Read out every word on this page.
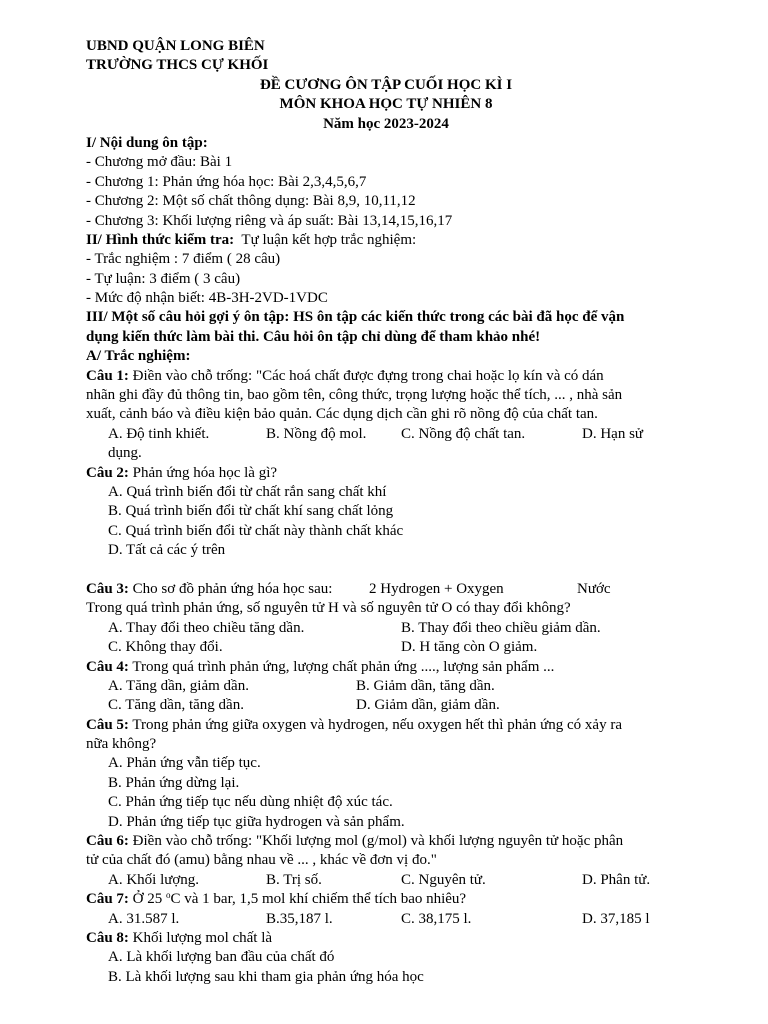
UBND QUẬN LONG BIÊN
TRƯỜNG THCS CỰ KHỐI
ĐỀ CƯƠNG ÔN TẬP CUỐI HỌC KÌ I
MÔN KHOA HỌC TỰ NHIÊN 8
Năm học 2023-2024
I/ Nội dung ôn tập:
- Chương mở đầu: Bài 1
- Chương 1: Phản ứng hóa học: Bài 2,3,4,5,6,7
- Chương 2: Một số chất thông dụng: Bài 8,9, 10,11,12
- Chương 3: Khối lượng riêng và áp suất: Bài 13,14,15,16,17
II/ Hình thức kiểm tra: Tự luận kết hợp trắc nghiệm:
- Trắc nghiệm : 7 điểm ( 28 câu)
- Tự luận: 3 điểm ( 3 câu)
- Mức độ nhận biết: 4B-3H-2VD-1VDC
III/ Một số câu hỏi gợi ý ôn tập: HS ôn tập các kiến thức trong các bài đã học để vận
dụng kiến thức làm bài thi. Câu hỏi ôn tập chỉ dùng để tham khảo nhé!
A/ Trắc nghiệm:
Câu 1: Điền vào chỗ trống: "Các hoá chất được đựng trong chai hoặc lọ kín và có dán
nhãn ghi đầy đủ thông tin, bao gồm tên, công thức, trọng lượng hoặc thể tích, ... , nhà sản
xuất, cảnh báo và điều kiện bảo quản. Các dụng dịch cần ghi rõ nồng độ của chất tan.
A. Độ tinh khiết.	B. Nồng độ mol. C. Nồng độ chất tan.	D. Hạn sử
dụng.
Câu 2: Phản ứng hóa học là gì?
A. Quá trình biến đổi từ chất rắn sang chất khí
B. Quá trình biến đổi từ chất khí sang chất lỏng
C. Quá trình biến đổi từ chất này thành chất khác
D. Tất cả các ý trên
Câu 3: Cho sơ đồ phản ứng hóa học sau: 2 Hydrogen + Oxygen	Nước
Trong quá trình phản ứng, số nguyên tử H và số nguyên tử O có thay đổi không?
A. Thay đổi theo chiều tăng dần.	B. Thay đổi theo chiều giảm dần.
C. Không thay đổi.	D. H tăng còn O giảm.
Câu 4: Trong quá trình phản ứng, lượng chất phản ứng ...., lượng sản phẩm ...
A. Tăng dần, giảm dần.	B. Giảm dần, tăng dần.
C. Tăng dần, tăng dần.	D. Giảm dần, giảm dần.
Câu 5: Trong phản ứng giữa oxygen và hydrogen, nếu oxygen hết thì phản ứng có xảy ra
nữa không?
A. Phản ứng vẫn tiếp tục.
B. Phản ứng dừng lại.
C. Phản ứng tiếp tục nếu dùng nhiệt độ xúc tác.
D. Phản ứng tiếp tục giữa hydrogen và sản phẩm.
Câu 6: Điền vào chỗ trống: "Khối lượng mol (g/mol) và khối lượng nguyên tử hoặc phân
tử của chất đó (amu) bằng nhau về ... , khác về đơn vị đo."
A. Khối lượng.	B. Trị số.	C. Nguyên tử.	D. Phân tử.
Câu 7: Ở 25 $^o$C và 1 bar, 1,5 mol khí chiếm thể tích bao nhiêu?
A. 31.587 l.	B.35,187 l.	C. 38,175 l.	D. 37,185 l
Câu 8: Khối lượng mol chất là
A. Là khối lượng ban đầu của chất đó
B. Là khối lượng sau khi tham gia phản ứng hóa học
